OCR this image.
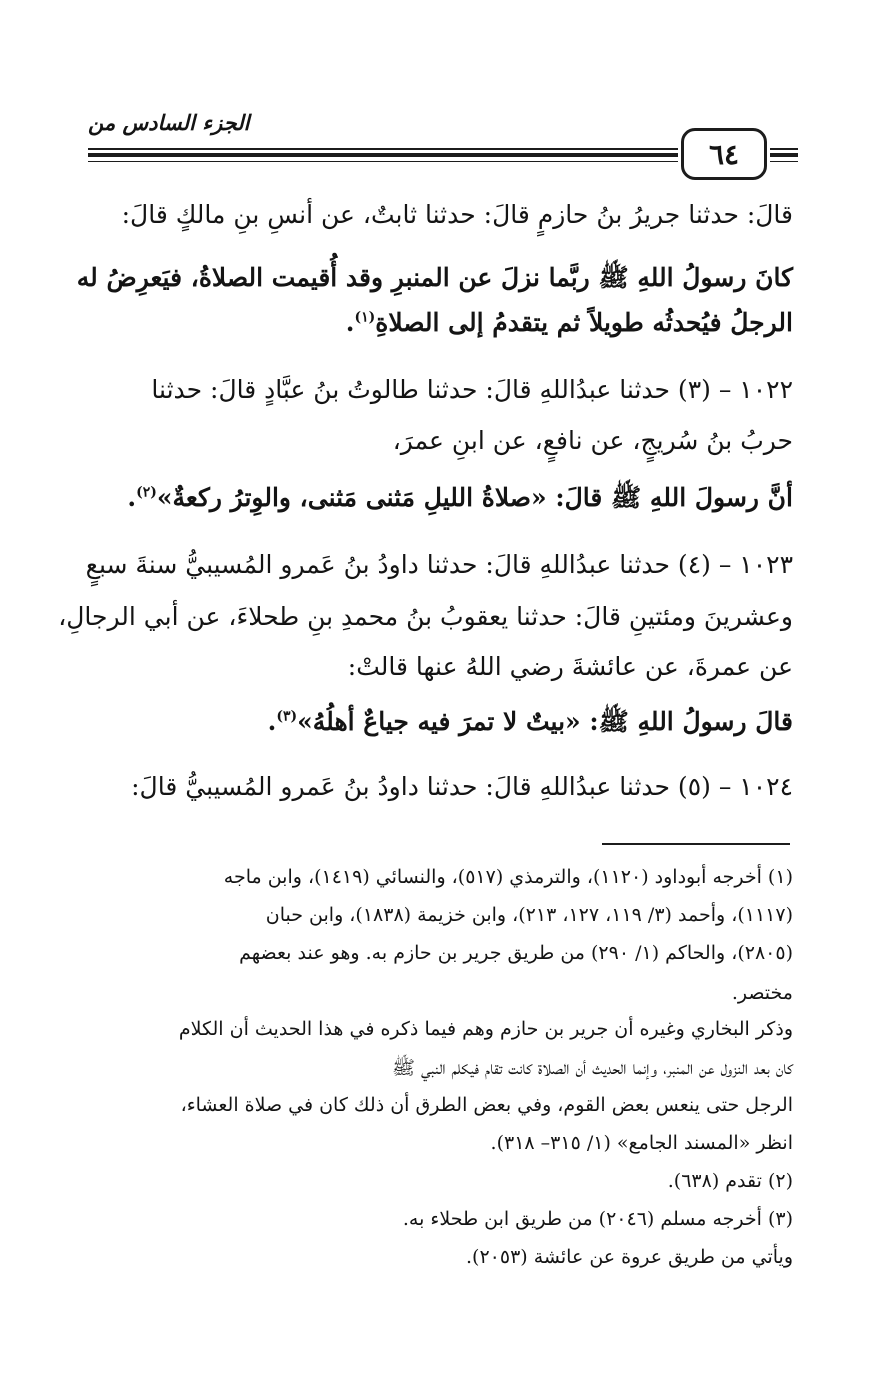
الجزء السادس من
٦٤
قالَ: حدثنا جريرُ بنُ حازمٍ قالَ: حدثنا ثابتٌ، عن أنسِ بنِ مالكٍ قالَ:
كانَ رسولُ اللهِ ﷺ ربَّما نزلَ عن المنبرِ وقد أُقيمت الصلاةُ، فيَعرِضُ له
الرجلُ فيُحدثُه طويلاً ثم يتقدمُ إلى الصلاةِ$^{(١)}$.
١٠٢٢ – (٣) حدثنا عبدُاللهِ قالَ: حدثنا طالوتُ بنُ عبَّادٍ قالَ: حدثنا
حربُ بنُ سُريجٍ، عن نافعٍ، عن ابنِ عمرَ،
أنَّ رسولَ اللهِ ﷺ قالَ: «صلاةُ الليلِ مَثنى مَثنى، والوِترُ ركعةٌ»$^{(٢)}$.
١٠٢٣ – (٤) حدثنا عبدُاللهِ قالَ: حدثنا داودُ بنُ عَمرو المُسيبيُّ سنةَ سبعٍ
وعشرينَ ومئتينِ قالَ: حدثنا يعقوبُ بنُ محمدِ بنِ طحلاءَ، عن أبي الرجالِ،
عن عمرةَ، عن عائشةَ رضي اللهُ عنها قالتْ:
قالَ رسولُ اللهِ ﷺ: «بيتٌ لا تمرَ فيه جياعٌ أهلُهُ»$^{(٣)}$.
١٠٢٤ – (٥) حدثنا عبدُاللهِ قالَ: حدثنا داودُ بنُ عَمرو المُسيبيُّ قالَ:
(١) أخرجه أبوداود (١١٢٠)، والترمذي (٥١٧)، والنسائي (١٤١٩)، وابن ماجه
(١١١٧)، وأحمد (٣/ ١١٩، ١٢٧، ٢١٣)، وابن خزيمة (١٨٣٨)، وابن حبان
(٢٨٠٥)، والحاكم (١/ ٢٩٠) من طريق جرير بن حازم به. وهو عند بعضهم
مختصر.
وذكر البخاري وغيره أن جرير بن حازم وهم فيما ذكره في هذا الحديث أن الكلام
كان بعد النزول عن المنبر، وإنما الحديث أن الصلاة كانت تقام فيكلم النبي ﷺ
الرجل حتى ينعس بعض القوم، وفي بعض الطرق أن ذلك كان في صلاة العشاء،
انظر «المسند الجامع» (١/ ٣١٥– ٣١٨).
(٢) تقدم (٦٣٨).
(٣) أخرجه مسلم (٢٠٤٦) من طريق ابن طحلاء به.
ويأتي من طريق عروة عن عائشة (٢٠٥٣).
